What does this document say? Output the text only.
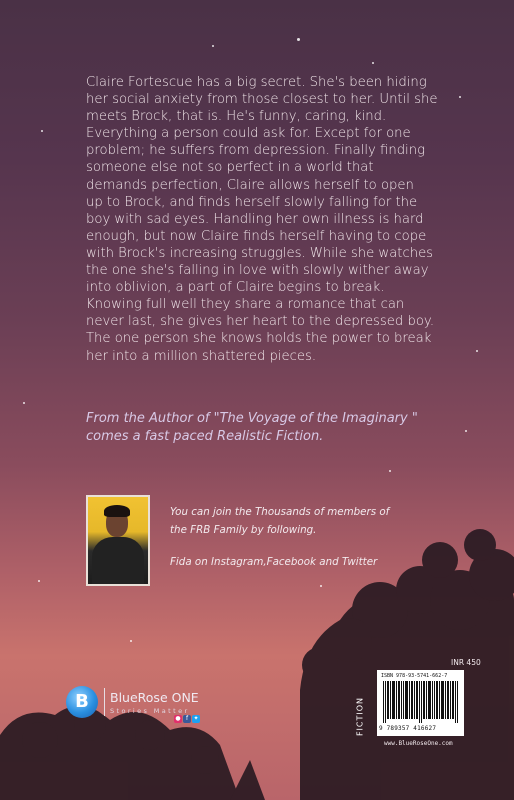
Claire Fortescue has a big secret. She's been hiding
her social anxiety from those closest to her. Until she
meets Brock, that is. He's funny, caring, kind.
Everything a person could ask for. Except for one
problem; he suffers from depression. Finally finding
someone else not so perfect in a world that
demands perfection, Claire allows herself to open
up to Brock, and finds herself slowly falling for the
boy with sad eyes. Handling her own illness is hard
enough, but now Claire finds herself having to cope
with Brock's increasing struggles. While she watches
the one she's falling in love with slowly wither away
into oblivion, a part of Claire begins to break.
Knowing full well they share a romance that can
never last, she gives her heart to the depressed boy.
The one person she knows holds the power to break
her into a million shattered pieces.
From the Author of "The Voyage of the Imaginary "
comes a fast paced Realistic Fiction.
You can join the Thousands of members of
the FRB Family by following.
Fida on Instagram,Facebook and Twitter
B	BlueRose ONE
Stories Matter
● f ✦	FICTION
INR 450
ISBN 978-93-5741-662-7
9 789357 416627
www.BlueRoseOne.com
